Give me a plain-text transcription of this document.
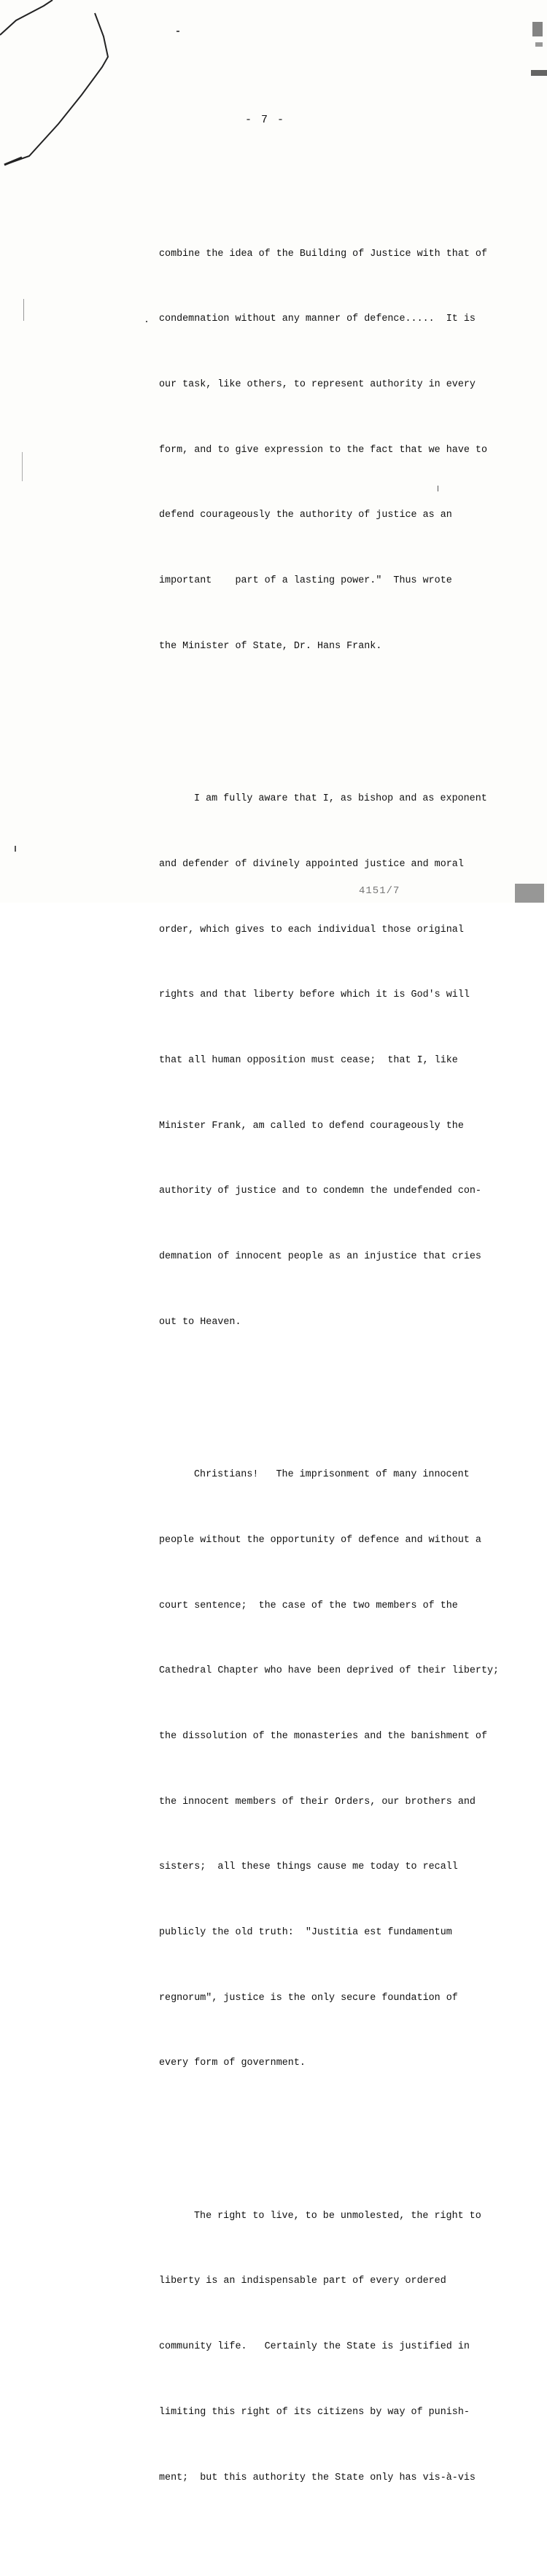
- 7 -

combine the idea of the Building of Justice with that of

condemnation without any manner of defence.....  It is

our task, like others, to represent authority in every

form, and to give expression to the fact that we have to

defend courageously the authority of justice as an

important    part of a lasting power."  Thus wrote

the Minister of State, Dr. Hans Frank.

I am fully aware that I, as bishop and as exponent

and defender of divinely appointed justice and moral

order, which gives to each individual those original

rights and that liberty before which it is God's will

that all human opposition must cease;  that I, like

Minister Frank, am called to defend courageously the

authority of justice and to condemn the undefended con-

demnation of innocent people as an injustice that cries

out to Heaven.

Christians!   The imprisonment of many innocent

people without the opportunity of defence and without a

court sentence;  the case of the two members of the

Cathedral Chapter who have been deprived of their liberty;

the dissolution of the monasteries and the banishment of

the innocent members of their Orders, our brothers and

sisters;  all these things cause me today to recall

publicly the old truth:  "Justitia est fundamentum

regnorum", justice is the only secure foundation of

every form of government.

The right to live, to be unmolested, the right to

liberty is an indispensable part of every ordered

community life.   Certainly the State is justified in

limiting this right of its citizens by way of punish-

ment;  but this authority the State only has vis-à-vis

4151/7
